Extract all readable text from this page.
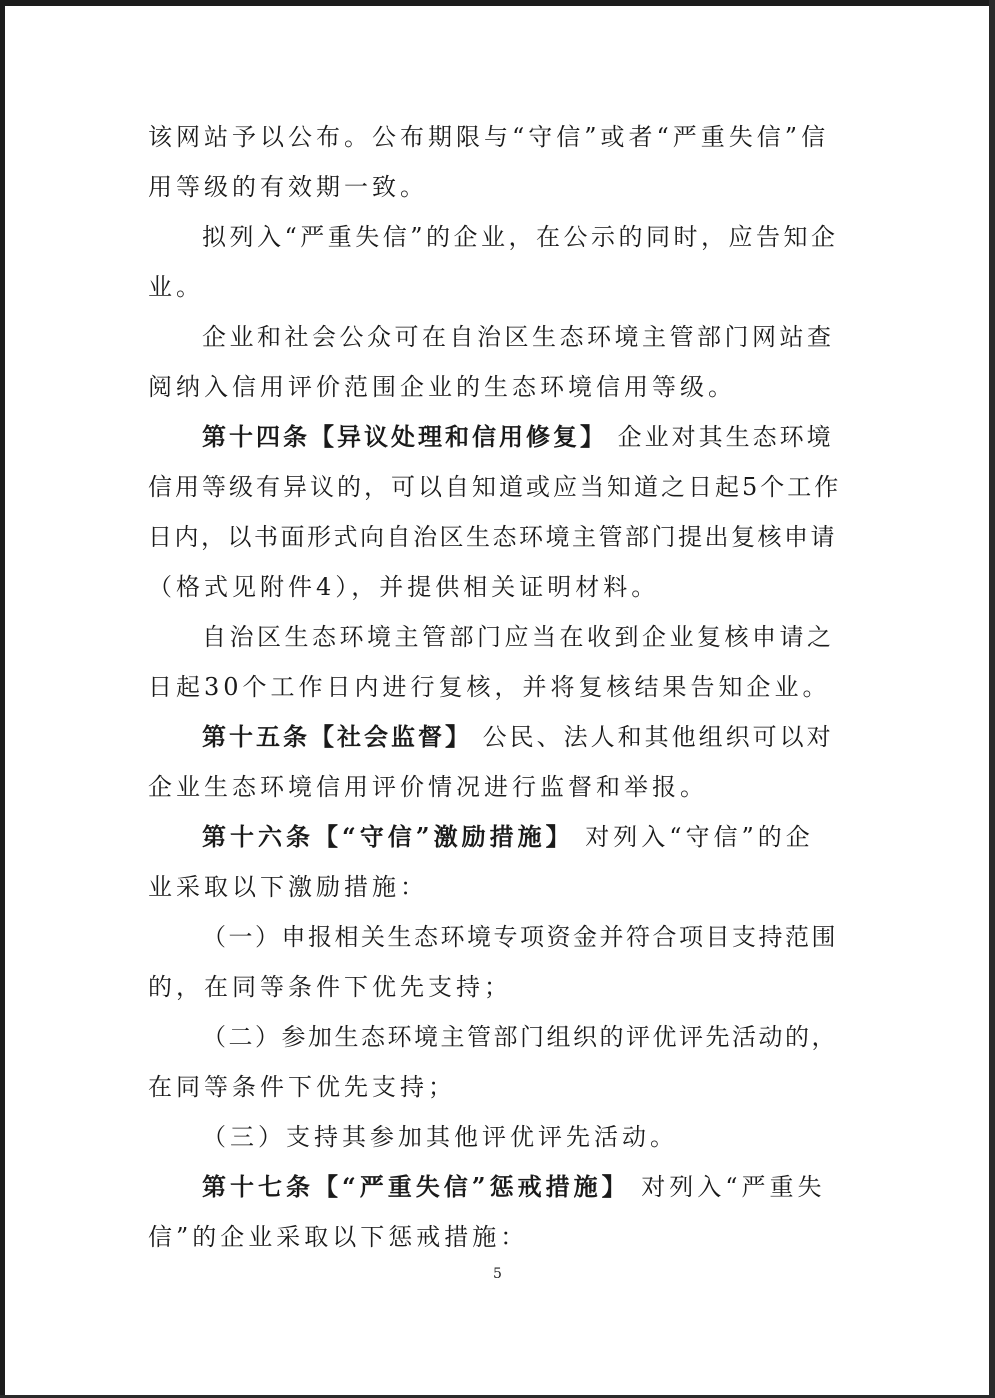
该网站予以公布。公布期限与“守信”或者“严重失信”信
用等级的有效期一致。
拟列入“严重失信”的企业，在公示的同时，应告知企
业。
企业和社会公众可在自治区生态环境主管部门网站查
阅纳入信用评价范围企业的生态环境信用等级。
第十四条【异议处理和信用修复】 企业对其生态环境
信用等级有异议的，可以自知道或应当知道之日起5个工作
日内，以书面形式向自治区生态环境主管部门提出复核申请
（格式见附件4），并提供相关证明材料。
自治区生态环境主管部门应当在收到企业复核申请之
日起30个工作日内进行复核，并将复核结果告知企业。
第十五条【社会监督】 公民、法人和其他组织可以对
企业生态环境信用评价情况进行监督和举报。
第十六条【“守信”激励措施】 对列入“守信”的企
业采取以下激励措施：
（一）申报相关生态环境专项资金并符合项目支持范围
的，在同等条件下优先支持；
（二）参加生态环境主管部门组织的评优评先活动的，
在同等条件下优先支持；
（三）支持其参加其他评优评先活动。
第十七条【“严重失信”惩戒措施】 对列入“严重失
信”的企业采取以下惩戒措施：
5
